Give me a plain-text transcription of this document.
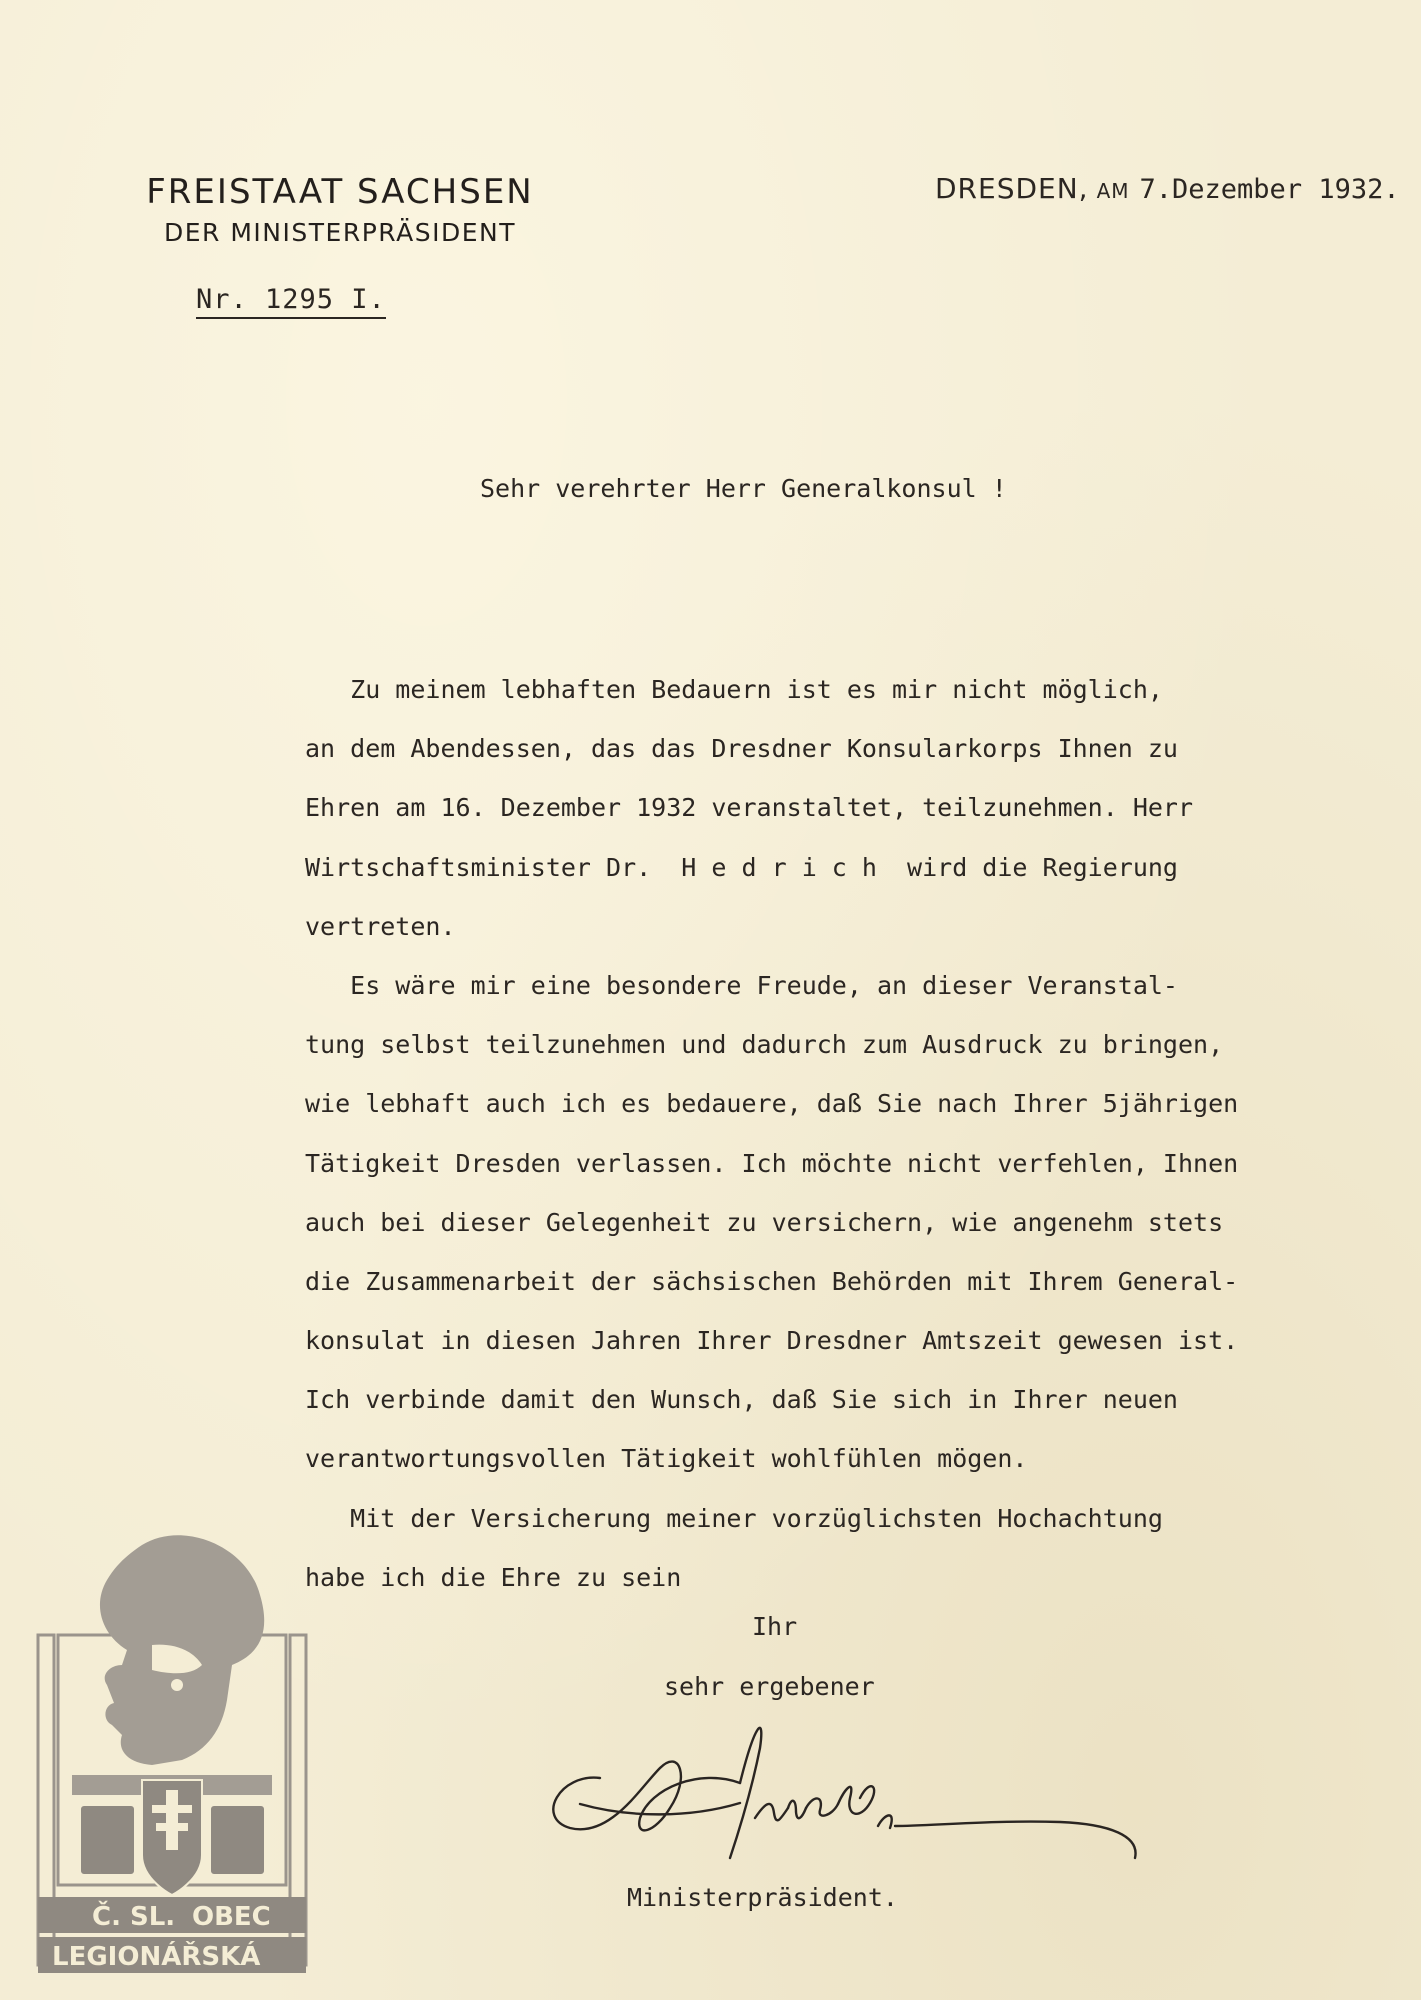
FREISTAAT SACHSEN
DER MINISTERPRÄSIDENT
Nr. 1295 I.
DRESDEN, AM 7.Dezember 1932.
Sehr verehrter Herr Generalkonsul !
Zu meinem lebhaften Bedauern ist es mir nicht möglich,
an dem Abendessen, das das Dresdner Konsularkorps Ihnen zu
Ehren am 16. Dezember 1932 veranstaltet, teilzunehmen. Herr
Wirtschaftsminister Dr.  H e d r i c h  wird die Regierung
vertreten.
Es wäre mir eine besondere Freude, an dieser Veranstal-
tung selbst teilzunehmen und dadurch zum Ausdruck zu bringen,
wie lebhaft auch ich es bedauere, daß Sie nach Ihrer 5jährigen
Tätigkeit Dresden verlassen. Ich möchte nicht verfehlen, Ihnen
auch bei dieser Gelegenheit zu versichern, wie angenehm stets
die Zusammenarbeit der sächsischen Behörden mit Ihrem General-
konsulat in diesen Jahren Ihrer Dresdner Amtszeit gewesen ist.
Ich verbinde damit den Wunsch, daß Sie sich in Ihrer neuen
verantwortungsvollen Tätigkeit wohlfühlen mögen.
Mit der Versicherung meiner vorzüglichsten Hochachtung
habe ich die Ehre zu sein
Ihr
sehr ergebener
Ministerpräsident.
Č. SL. OBEC
LEGIONÁŘSKÁ
